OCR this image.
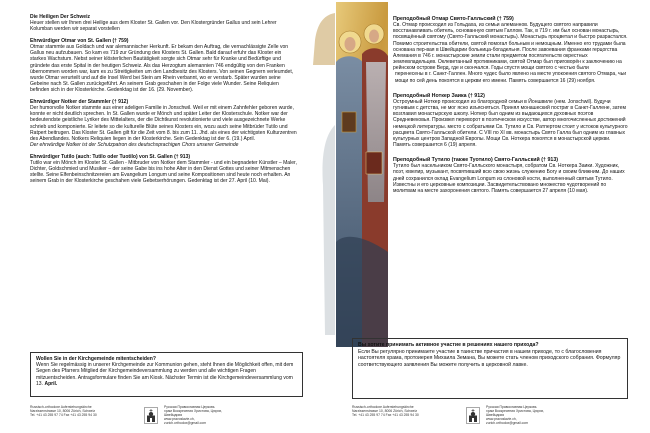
Die Heiligen Der Schweiz

Heuer stellen wir Ihnen drei Heilige aus dem Kloster St. Gallen vor. Den Klostergründer Gallus und sein Lehrer Kolumban werden wir separat vorstellen

Ehrwürdiger Otmar von St. Gallen († 759)

Otmar stammte aus Goldach und war alemannischer Herkunft. Er bekam den Auftrag, die vernachlässigte Zelle von Gallus neu aufzubauen. So kam es 719 zur Gründung des Klosters St. Gallen. Bald darauf erfuhr das Kloster ein starkes Wachstum. Nebst seiner klösterlichen Bautätigkeit sorgte sich Otmar sehr für Kranke und Bedürftige und gründete das erste Spital in der heutigen Schweiz. Als das Herzogtum alemannien 746 endgültig von den Franken übernommen worden war, kam es zu Streitigkeiten um den Landbesitz des Klosters. Von seinen Gegnern verleumdet, wurde Otmar verurteilt und auf die Insel Werd bei Stein am Rhein verbannt, wo er verstarb. Später wurden seine Gebeine nach St. Gallen zurückgeführt. An seinem Grab geschahen in der Folge viele Wunder. Seine Reliquien befinden sich in der Klosterkirche. Gedenktag ist der 16. (29. November).

Ehrwürdiger Notker der Stammler († 912)

Der humorvolle Notker stammte aus einer adeligen Familie in Jonschwil. Weil er mit einem Zahnfehler geboren wurde, konnte er nicht deutlich sprechen. In St. Gallen wurde er Mönch und später Leiter der Klosterschule. Notker war der bedeutendste geistliche Lyriker des Mittelalters, der die Dichtkunst revolutionierte und viele ausgezeichnete Werke schrieb und komponierte. Er leitete so die kulturelle Blüte seines Klosters ein, wozu auch seine Mitbrüder Tutilo und Ratpert beitrugen. Das Kloster St. Gallen gilt für die Zeit vom 8. bis zum 11. Jhd. als eines der wichtigsten Kulturzentren des Abendlandes. Notkers Reliquien liegen in der Klosterkirche. Sein Gedenktag ist der 6. (19.) April.

Der ehrwürdige Notker ist der Schutzpatron des deutschsprachigen Chors unserer Gemeinde

Ehrwürdiger Tutilo (auch: Tutilo oder Tuotilo) von St. Gallen († 913)

Tutilo war ein Mönch im Kloster St. Gallen - Mitbruder von Notker dem Stammler - und ein begnadeter Künstler – Maler, Dichter, Goldschmied und Musiker – der seine Gabe bis ins hohe Alter in den Dienst Gottes und seiner Mitmenschen stellte. Seine Elfenbeinschnitzereien am Evangelium Longum und seine Kompositionen sind heute noch erhalten. An seinem Grab in der Klosterkirche geschahen viele Gebetserhörungen. Gedenktag ist der 27. April (10. Mai).

Преподобный Отмар Свято-Галльский († 759)

Св. Отмар происходил из Гольдаха, из семьи алеманнов. Будущего святого направили восстанавливать обитель, основанную святым Галлом. Так, в 719 г. им был основан монастырь, посвящённый святому (Свято-Галльский монастырь). Монастырь процветал и быстро разрастался. Помимо строительства обители, святой помогал больным и немощным. Именно его трудами была основана пер-вая в Швейцарии больница-богадельня. После завоевания франками герцогства Алемания в 746 г. монастырские земли стали предметом посягательств окрестных землевладельцев. Оклеветанный противниками, святой Отмар был приговорён к заключению на рейнском острове Верд, где и скончался. Годы спустя мощи святого с честью были

перенесены в г. Санкт-Галлен. Много чудес было явлено на месте упокоения святого Отмара, чьи мощи по сей день покоятся в церкви его имени. Память совершается 16 (29) ноября.

Преподобный Ноткер Заика († 912)

Остроумный Ноткер происходил из благородной семьи в Йоншвиле (нем. Jonschwil). Будучи гугнивым с детства, не мог ясно изъясняться. Принял монашеский постриг в Санкт-Галлене, затем возглавил монастырскую школу. Ноткер был одним из выдающихся духовных поэтов Средневековья. Произвел переворот в поэтическом искусстве, автор многочисленных достижений немецкой литературы. место с собратьями Св. Тутило и Св. Ратпертом стоит у истоков культурного расцвета Свято-Галльской обители. С VIII по XI вв. монастырь Свято Галла был одним из главных культурных центров Западной Европы. Мощи Св. Ноткера покоятся в монастырской церкви. Память совершается 6 (19) апреля.

Преподобный Тутило (также Туотило) Свято-Галльский († 913)

Тутило был насельником Свято-Галльского монастыря, собратом Св. Ноткера Заики. Художник, поэт, ювелир, музыкант, посвятивший всю свою жизнь служению Богу и своим ближним. До наших дней сохранился оклад Evangelium Longum из слоновой кости, выполненный святым Тутило. Известны и его церковные композиции. Засвидетельствовано множество чудотворений по молитвам на месте захоронения святого. Память совершается 27 апреля (10 мая).

Wollen Sie in der Kirchgemeinde mitentscheiden?

Wenn Sie regelmässig in unserer Kirchgemeinde zur Kommunion gehen, steht Ihnen die Möglichkeit offen, mit dem Segen des Pfarrers Mitglied der Kirchgemeindeversammlung zu werden und alle wichtigen Fragen mitzuentscheiden. Antragsformulare finden Sie am Kiosk. Nächster Termin ist die Kirchgemeindeversammlung vom 13. April.

Вы хотите принимать активное участие в решениях нашего прихода?

Если Вы регулярно принимаете участие в таинстве причастия в нашем приходе, то с благословения настоятеля храма, протоиерея Михаила Земана, Вы можете стать членом приходского собрания. Формуляр соответствующего заявления Вы можете получить в церковной лавке.

Russisch-orthodoxe Auferstehungskirche
Narzissenstrasse 10, 8006 Zürich, Schweiz
Tel. +41 43 255 97 74 Fax +41 43 255 94 30
Русская Православная Церковь
храм Воскресения Христова, Цюрих, Швейцария
www.pravoslavie.ch, zurich.orthodox@gmail.com
Russisch-orthodoxe Auferstehungskirche
Narzissenstrasse 10, 8006 Zürich, Schweiz
Tel. +41 43 255 97 74 Fax +41 43 255 94 30
Русская Православная Церковь
храм Воскресения Христова, Цюрих, Швейцария
www.pravoslavie.ch, zurich.orthodox@gmail.com
